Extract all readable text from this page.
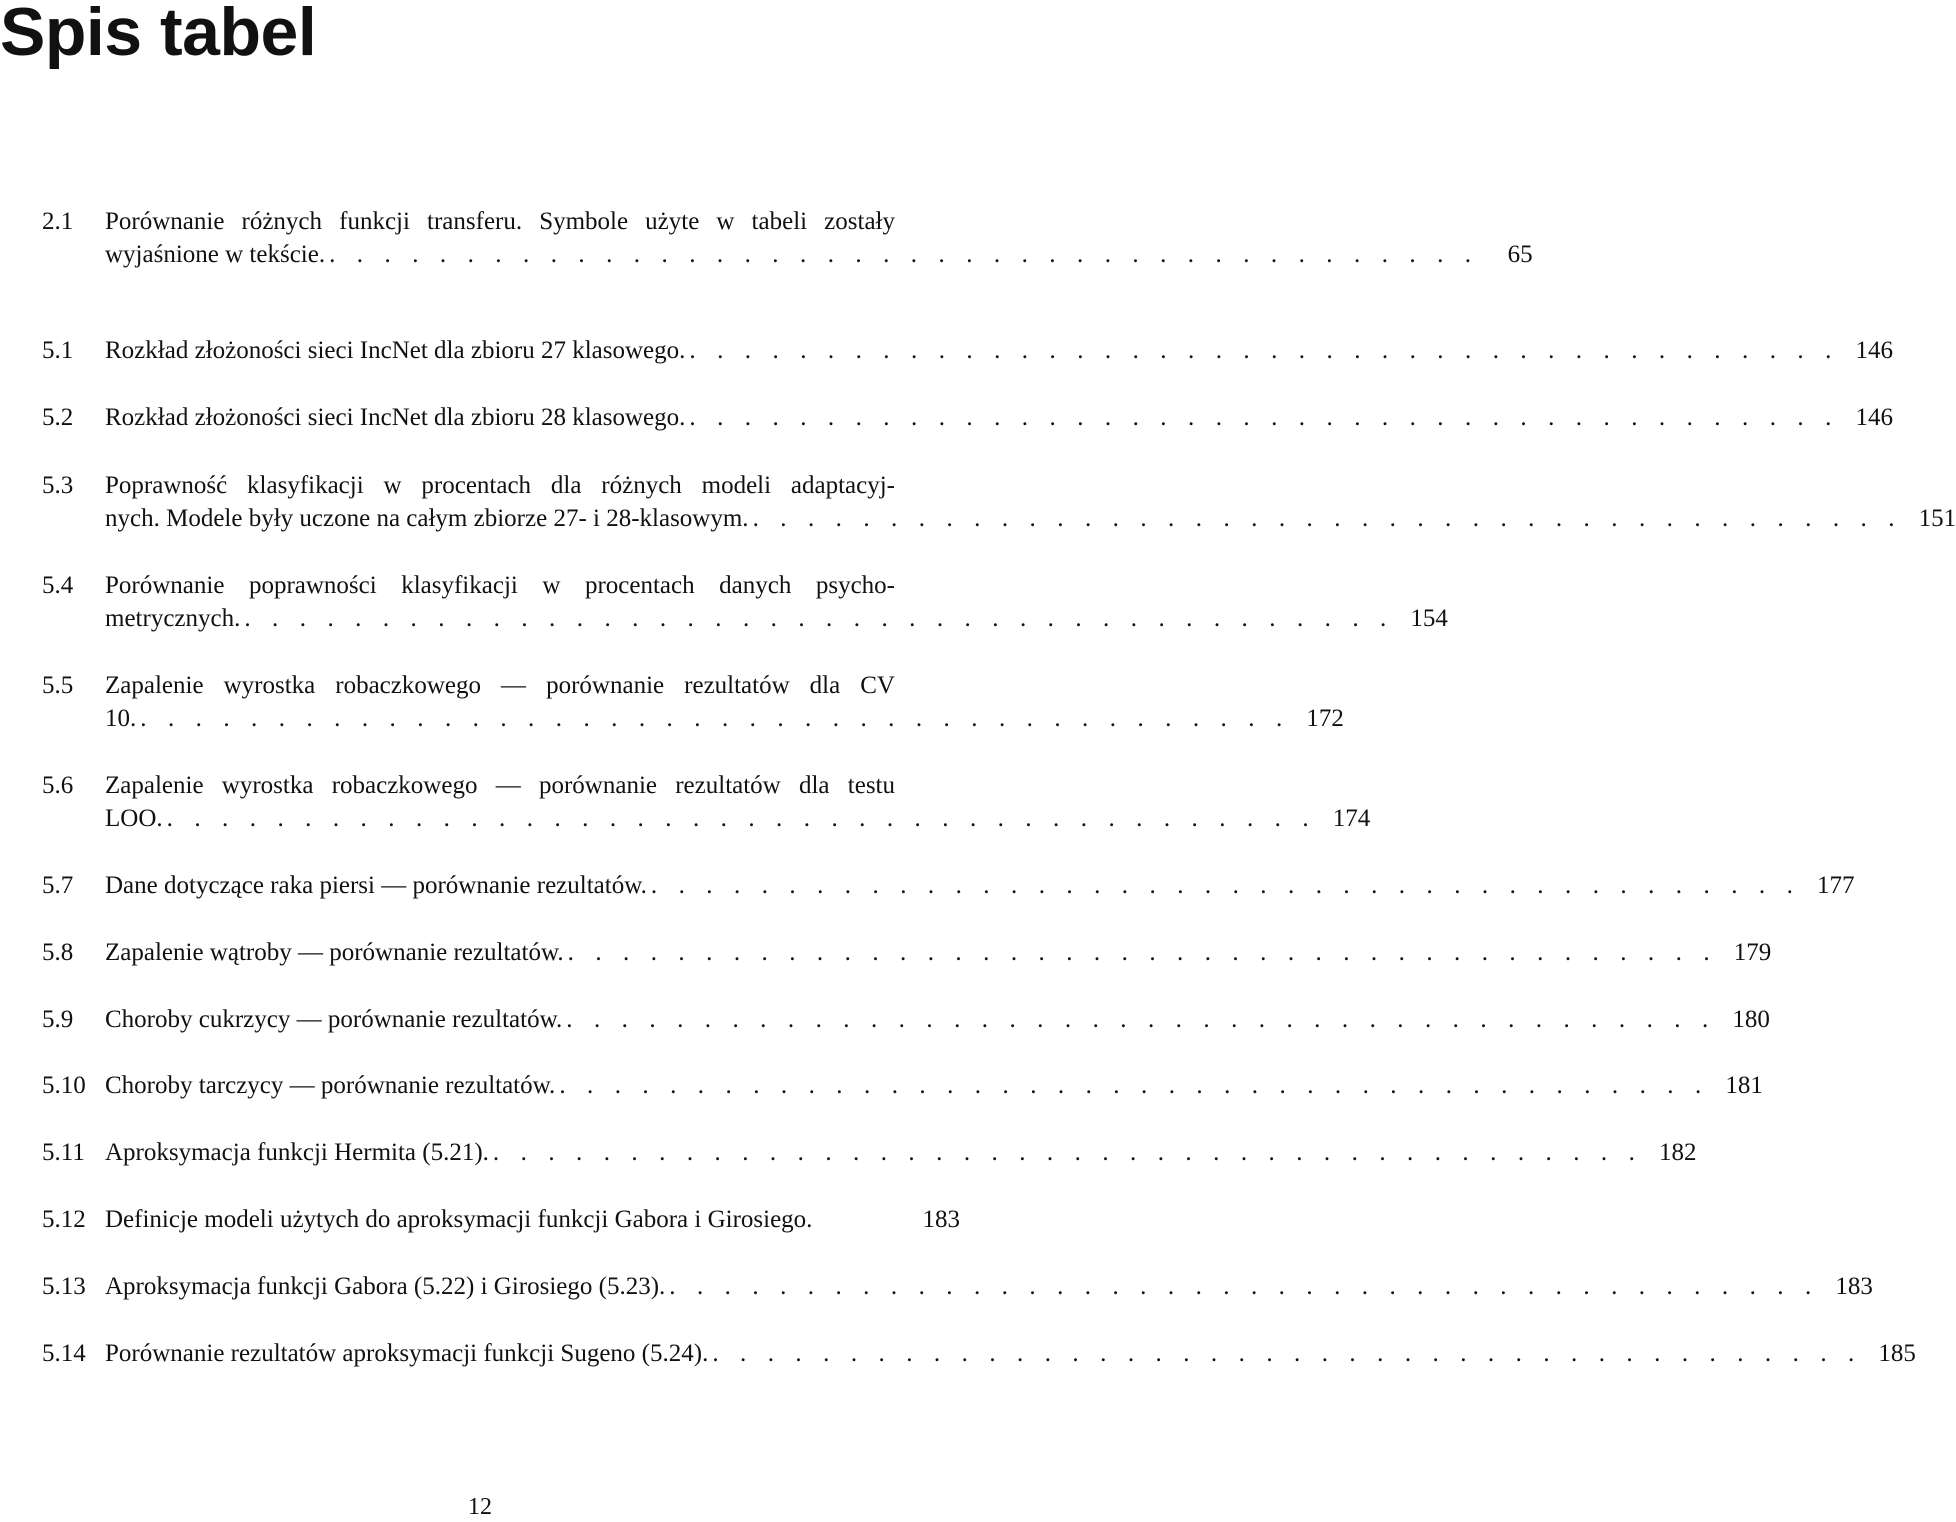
Spis tabel
2.1 Porównanie różnych funkcji transferu. Symbole użyte w tabeli zostały
wyjaśnione w tekście. . . . . . . . . . . . . . . . . . . . . . . . . . . . . . . . . . . . . . . . . . .	65
5.1 Rozkład złożoności sieci IncNet dla zbioru 27 klasowego. . . . . . . . . . . . . . . . . . . . . . . . . . . . . . . . . . . . . . . . . . . 146
5.2 Rozkład złożoności sieci IncNet dla zbioru 28 klasowego. . . . . . . . . . . . . . . . . . . . . . . . . . . . . . . . . . . . . . . . . . . 146
5.3 Poprawność klasyfikacji w procentach dla różnych modeli adaptacyj-
nych. Modele były uczone na całym zbiorze 27- i 28-klasowym. . . . . . . . . . . . . . . . . . . . . . . . . . . . . . . . . . . . . . . . . . . 151
5.4 Porównanie poprawności klasyfikacji w procentach danych psycho-
metrycznych. . . . . . . . . . . . . . . . . . . . . . . . . . . . . . . . . . . . . . . . . . . 154
5.5 Zapalenie wyrostka robaczkowego — porównanie rezultatów dla CV
10. . . . . . . . . . . . . . . . . . . . . . . . . . . . . . . . . . . . . . . . . . . 172
5.6 Zapalenie wyrostka robaczkowego — porównanie rezultatów dla testu
LOO. . . . . . . . . . . . . . . . . . . . . . . . . . . . . . . . . . . . . . . . . . . 174
5.7 Dane dotyczące raka piersi — porównanie rezultatów. . . . . . . . . . . . . . . . . . . . . . . . . . . . . . . . . . . . . . . . . . . 177
5.8 Zapalenie wątroby — porównanie rezultatów. . . . . . . . . . . . . . . . . . . . . . . . . . . . . . . . . . . . . . . . . . . 179
5.9 Choroby cukrzycy — porównanie rezultatów. . . . . . . . . . . . . . . . . . . . . . . . . . . . . . . . . . . . . . . . . . . 180
5.10 Choroby tarczycy — porównanie rezultatów. . . . . . . . . . . . . . . . . . . . . . . . . . . . . . . . . . . . . . . . . . . 181
5.11 Aproksymacja funkcji Hermita (5.21). . . . . . . . . . . . . . . . . . . . . . . . . . . . . . . . . . . . . . . . . . . 182
5.12 Definicje modeli użytych do aproksymacji funkcji Gabora i Girosiego.	183
5.13 Aproksymacja funkcji Gabora (5.22) i Girosiego (5.23). . . . . . . . . . . . . . . . . . . . . . . . . . . . . . . . . . . . . . . . . . . 183
5.14 Porównanie rezultatów aproksymacji funkcji Sugeno (5.24). . . . . . . . . . . . . . . . . . . . . . . . . . . . . . . . . . . . . . . . . . . 185
12
